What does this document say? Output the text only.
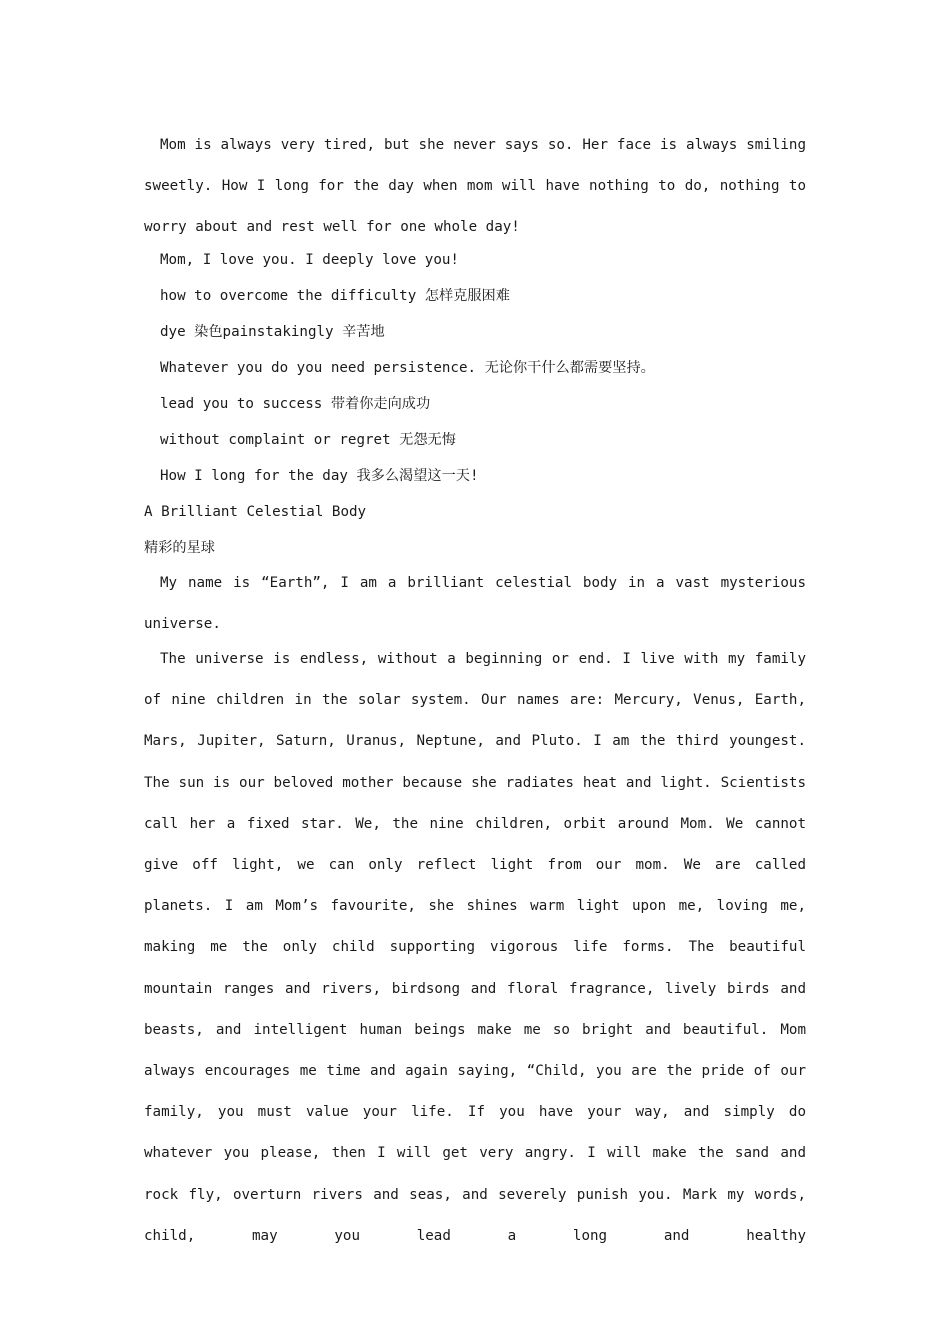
Mom is always very tired, but she never says so. Her face is always smiling sweetly. How I long for the day when mom will have nothing to do, nothing to worry about and rest well for one whole day!

Mom, I love you. I deeply love you!

how to overcome the difficulty 怎样克服困难

dye 染色painstakingly 辛苦地

Whatever you do you need persistence. 无论你干什么都需要坚持。

lead you to success 带着你走向成功

without complaint or regret 无怨无悔

How I long for the day 我多么渴望这一天!

A Brilliant Celestial Body

精彩的星球

My name is “Earth”, I am a brilliant celestial body in a vast mysterious universe.

The universe is endless, without a beginning or end. I live with my family of nine children in the solar system. Our names are: Mercury, Venus, Earth, Mars, Jupiter, Saturn, Uranus, Neptune, and Pluto. I am the third youngest. The sun is our beloved mother because she radiates heat and light. Scientists call her a fixed star. We, the nine children, orbit around Mom. We cannot give off light, we can only reflect light from our mom. We are called planets. I am Mom’s favourite, she shines warm light upon me, loving me, making me the only child supporting vigorous life forms. The beautiful mountain ranges and rivers, birdsong and floral fragrance, lively birds and beasts, and intelligent human beings make me so bright and beautiful. Mom always encourages me time and again saying, “Child, you are the pride of our family, you must value your life. If you have your way, and simply do whatever you please, then I will get very angry. I will make the sand and rock fly, overturn rivers and seas, and severely punish you. Mark my words, child, may you lead a long and healthy
